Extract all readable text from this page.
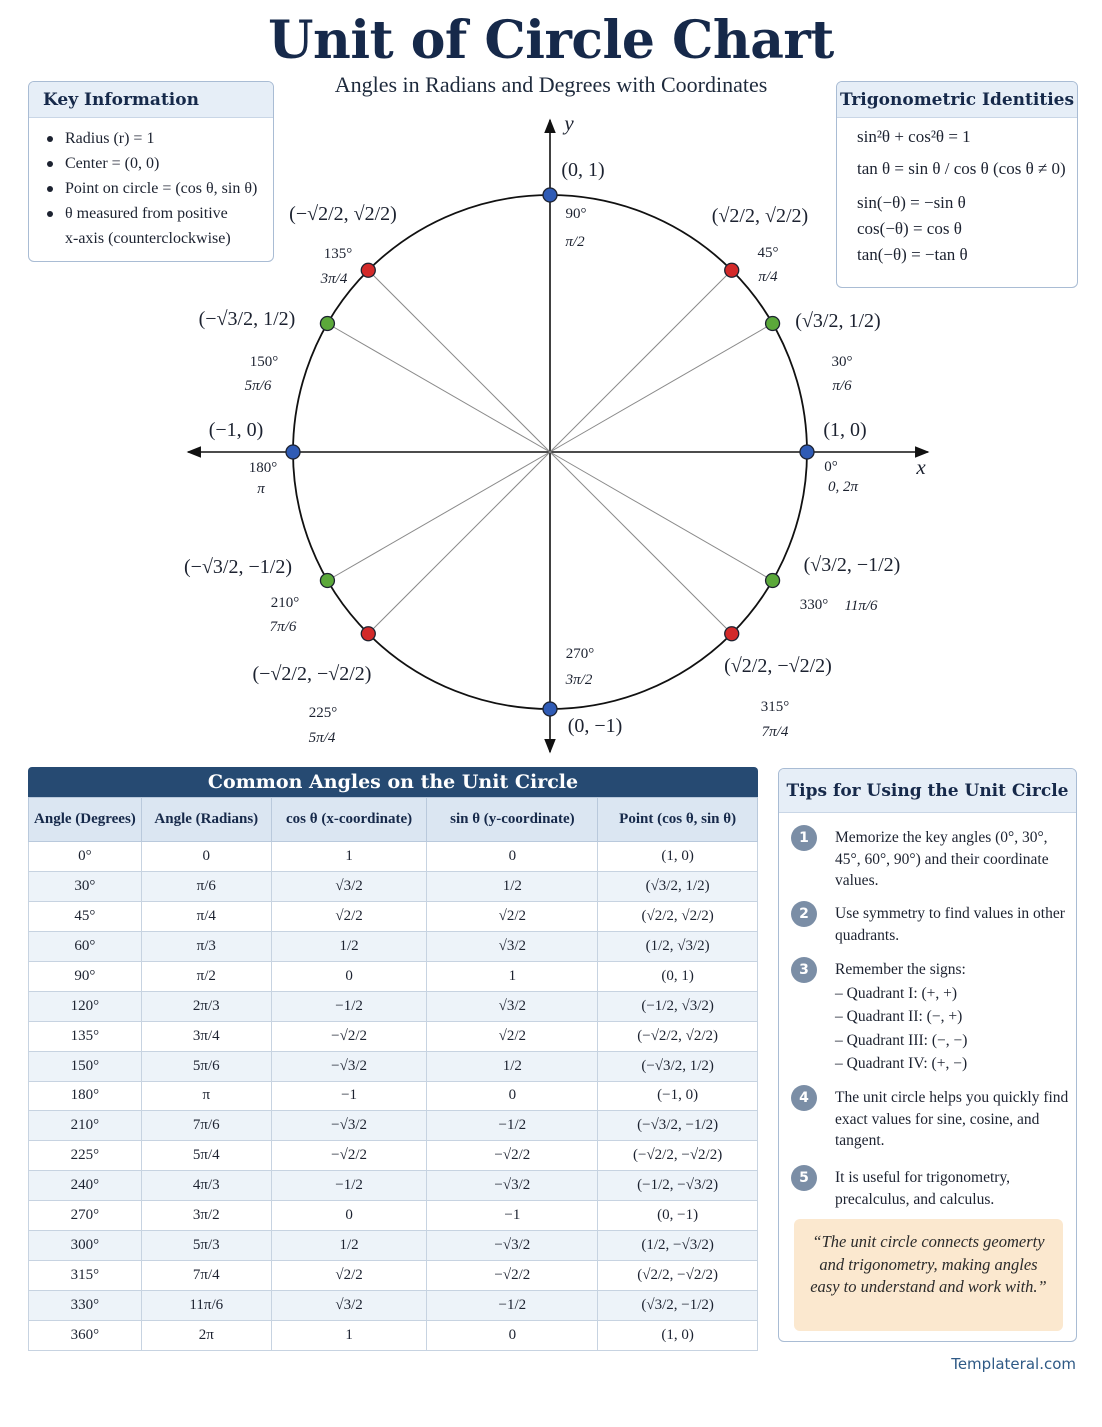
Unit of Circle Chart
Angles in Radians and Degrees with Coordinates
Key Information
Radius (r) = 1
Center = (0, 0)
Point on circle = (cos θ, sin θ)
θ measured from positive
x-axis (counterclockwise)
Trigonometric Identities
sin²θ + cos²θ = 1
tan θ = sin θ / cos θ (cos θ ≠ 0)
sin(−θ) = −sin θ
cos(−θ) = cos θ
tan(−θ) = −tan θ
x
y
(1, 0)
0°
0, 2π
(√3/2, 1/2)
30°
π/6
(√2/2, √2/2)
45°
π/4
(0, 1)
90°
π/2
(−√2/2, √2/2)
135°
3π/4
(−√3/2, 1/2)
150°
5π/6
(−1, 0)
180°
π
(−√3/2, −1/2)
210°
7π/6
(−√2/2, −√2/2)
225°
5π/4
(0, −1)
270°
3π/2
(√2/2, −√2/2)
315°
7π/4
(√3/2, −1/2)
330° 11π/6
Common Angles on the Unit Circle
Angle (Degrees)	Angle (Radians)	cos θ (x-coordinate)	sin θ (y-coordinate)	Point (cos θ, sin θ)
0°	0	1	0	(1, 0)
30°	π/6	√3/2	1/2	(√3/2, 1/2)
45°	π/4	√2/2	√2/2	(√2/2, √2/2)
60°	π/3	1/2	√3/2	(1/2, √3/2)
90°	π/2	0	1	(0, 1)
120°	2π/3	−1/2	√3/2	(−1/2, √3/2)
135°	3π/4	−√2/2	√2/2	(−√2/2, √2/2)
150°	5π/6	−√3/2	1/2	(−√3/2, 1/2)
180°	π	−1	0	(−1, 0)
210°	7π/6	−√3/2	−1/2	(−√3/2, −1/2)
225°	5π/4	−√2/2	−√2/2	(−√2/2, −√2/2)
240°	4π/3	−1/2	−√3/2	(−1/2, −√3/2)
270°	3π/2	0	−1	(0, −1)
300°	5π/3	1/2	−√3/2	(1/2, −√3/2)
315°	7π/4	√2/2	−√2/2	(√2/2, −√2/2)
330°	11π/6	√3/2	−1/2	(√3/2, −1/2)
360°	2π	1	0	(1, 0)
Tips for Using the Unit Circle
1	Memorize the key angles (0°, 30°, 45°, 60°, 90°) and their coordinate values.
2	Use symmetry to find values in other quadrants.
3	Remember the signs:
– Quadrant I: (+, +)
– Quadrant II: (−, +)
– Quadrant III: (−, −)
– Quadrant IV: (+, −)
4	The unit circle helps you quickly find exact values for sine, cosine, and tangent.
5	It is useful for trigonometry, precalculus, and calculus.
“The unit circle connects geomerty and trigonometry, making angles easy to understand and work with.”
Templateral.com
